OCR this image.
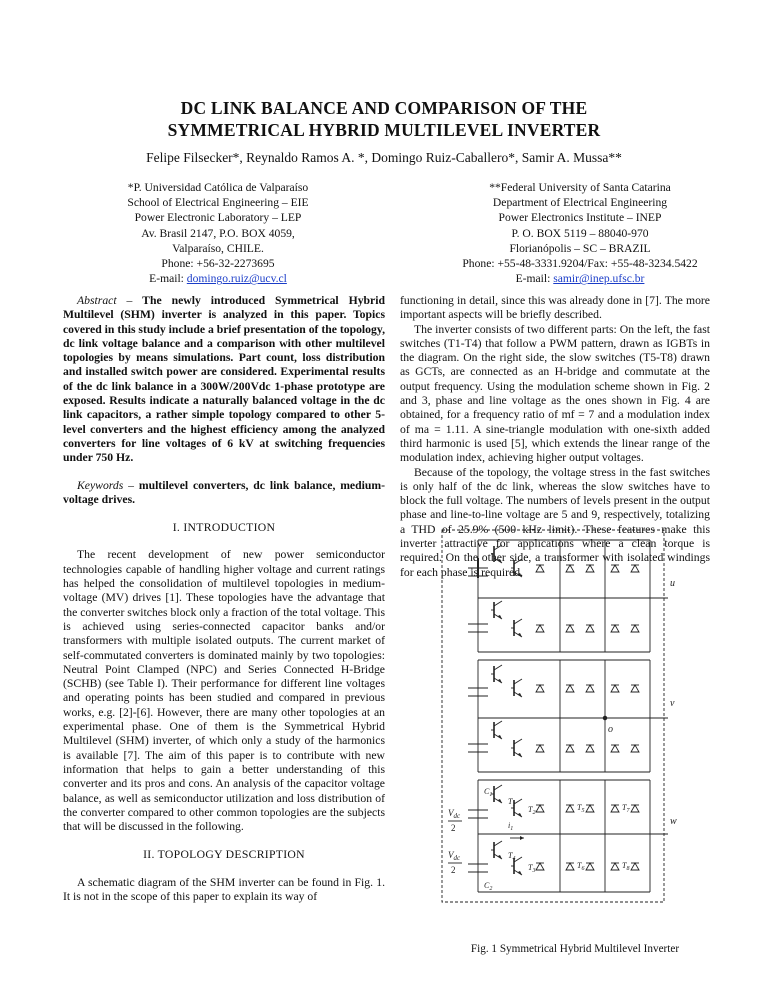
DC LINK BALANCE AND COMPARISON OF THE
SYMMETRICAL HYBRID MULTILEVEL INVERTER
Felipe Filsecker*, Reynaldo Ramos A. *, Domingo Ruiz-Caballero*, Samir A. Mussa**
*P. Universidad Católica de Valparaíso
School of Electrical Engineering – EIE
Power Electronic Laboratory – LEP
Av. Brasil 2147, P.O. BOX 4059,
Valparaíso, CHILE.
Phone: +56-32-2273695
E-mail: domingo.ruiz@ucv.cl
**Federal University of Santa Catarina
Department of Electrical Engineering
Power Electronics Institute – INEP
P. O. BOX 5119 – 88040-970
Florianópolis – SC – BRAZIL
Phone: +55-48-3331.9204/Fax: +55-48-3234.5422
E-mail: samir@inep.ufsc.br

Abstract – The newly introduced Symmetrical Hybrid Multilevel (SHM) inverter is analyzed in this paper. Topics covered in this study include a brief presentation of the topology, dc link voltage balance and a comparison with other multilevel topologies by means simulations. Part count, loss distribution and installed switch power are considered. Experimental results of the dc link balance in a 300W/200Vdc 1-phase prototype are exposed. Results indicate a naturally balanced voltage in the dc link capacitors, a rather simple topology compared to other 5-level converters and the highest efficiency among the analyzed converters for line voltages of 6 kV at switching frequencies under 750 Hz.

Keywords – multilevel converters, dc link balance, medium-voltage drives.

I. INTRODUCTION

The recent development of new power semiconductor technologies capable of handling higher voltage and current ratings has helped the consolidation of multilevel topologies in medium-voltage (MV) drives [1]. These topologies have the advantage that the converter switches block only a fraction of the total voltage. This is achieved using series-connected capacitor banks and/or transformers with multiple isolated outputs. The current market of self-commutated converters is dominated mainly by two topologies: Neutral Point Clamped (NPC) and Series Connected H-Bridge (SCHB) (see Table I). Their performance for different line voltages and operating points has been studied and compared in previous works, e.g. [2]-[6]. However, there are many other topologies at an experimental phase. One of them is the Symmetrical Hybrid Multilevel (SHM) inverter, of which only a study of the harmonics is available [7]. The aim of this paper is to contribute with new information that helps to gain a better understanding of this converter and its pros and cons. An analysis of the capacitor voltage balance, as well as semiconductor utilization and loss distribution of the converter compared to other common topologies are the subjects that will be discussed in the following.

II. TOPOLOGY DESCRIPTION

A schematic diagram of the SHM inverter can be found in Fig. 1. It is not in the scope of this paper to explain its way of

functioning in detail, since this was already done in [7]. The more important aspects will be briefly described.

The inverter consists of two different parts: On the left, the fast switches (T1-T4) that follow a PWM pattern, drawn as IGBTs in the diagram. On the right side, the slow switches (T5-T8) drawn as GCTs, are connected as an H-bridge and commutate at the output frequency. Using the modulation scheme shown in Fig. 2 and 3, phase and line voltage as the ones shown in Fig. 4 are obtained, for a frequency ratio of mf = 7 and a modulation index of ma = 1.11. A sine-triangle modulation with one-sixth added third harmonic is used [5], which extends the linear range of the modulation index, achieving higher output voltages.

Because of the topology, the voltage stress in the fast switches is only half of the dc link, whereas the slow switches have to block the full voltage. The numbers of levels present in the output phase and line-to-line voltage are 5 and 9, respectively, totalizing a THD of 25.9% (500 kHz limit). These features make this inverter attractive for applications where a clean torque is required. On the other side, a transformer with isolated windings for each phase is required.

u
v
w
o
$V_{dc}$
2
$V_{dc}$
2
$C_1$
$C_2$
$i_1$
$T_1$ $T_2$
$T_3$
$T_4$
$T_5$
$T_6$
$T_7$
$T_8$
Fig. 1 Symmetrical Hybrid Multilevel Inverter
